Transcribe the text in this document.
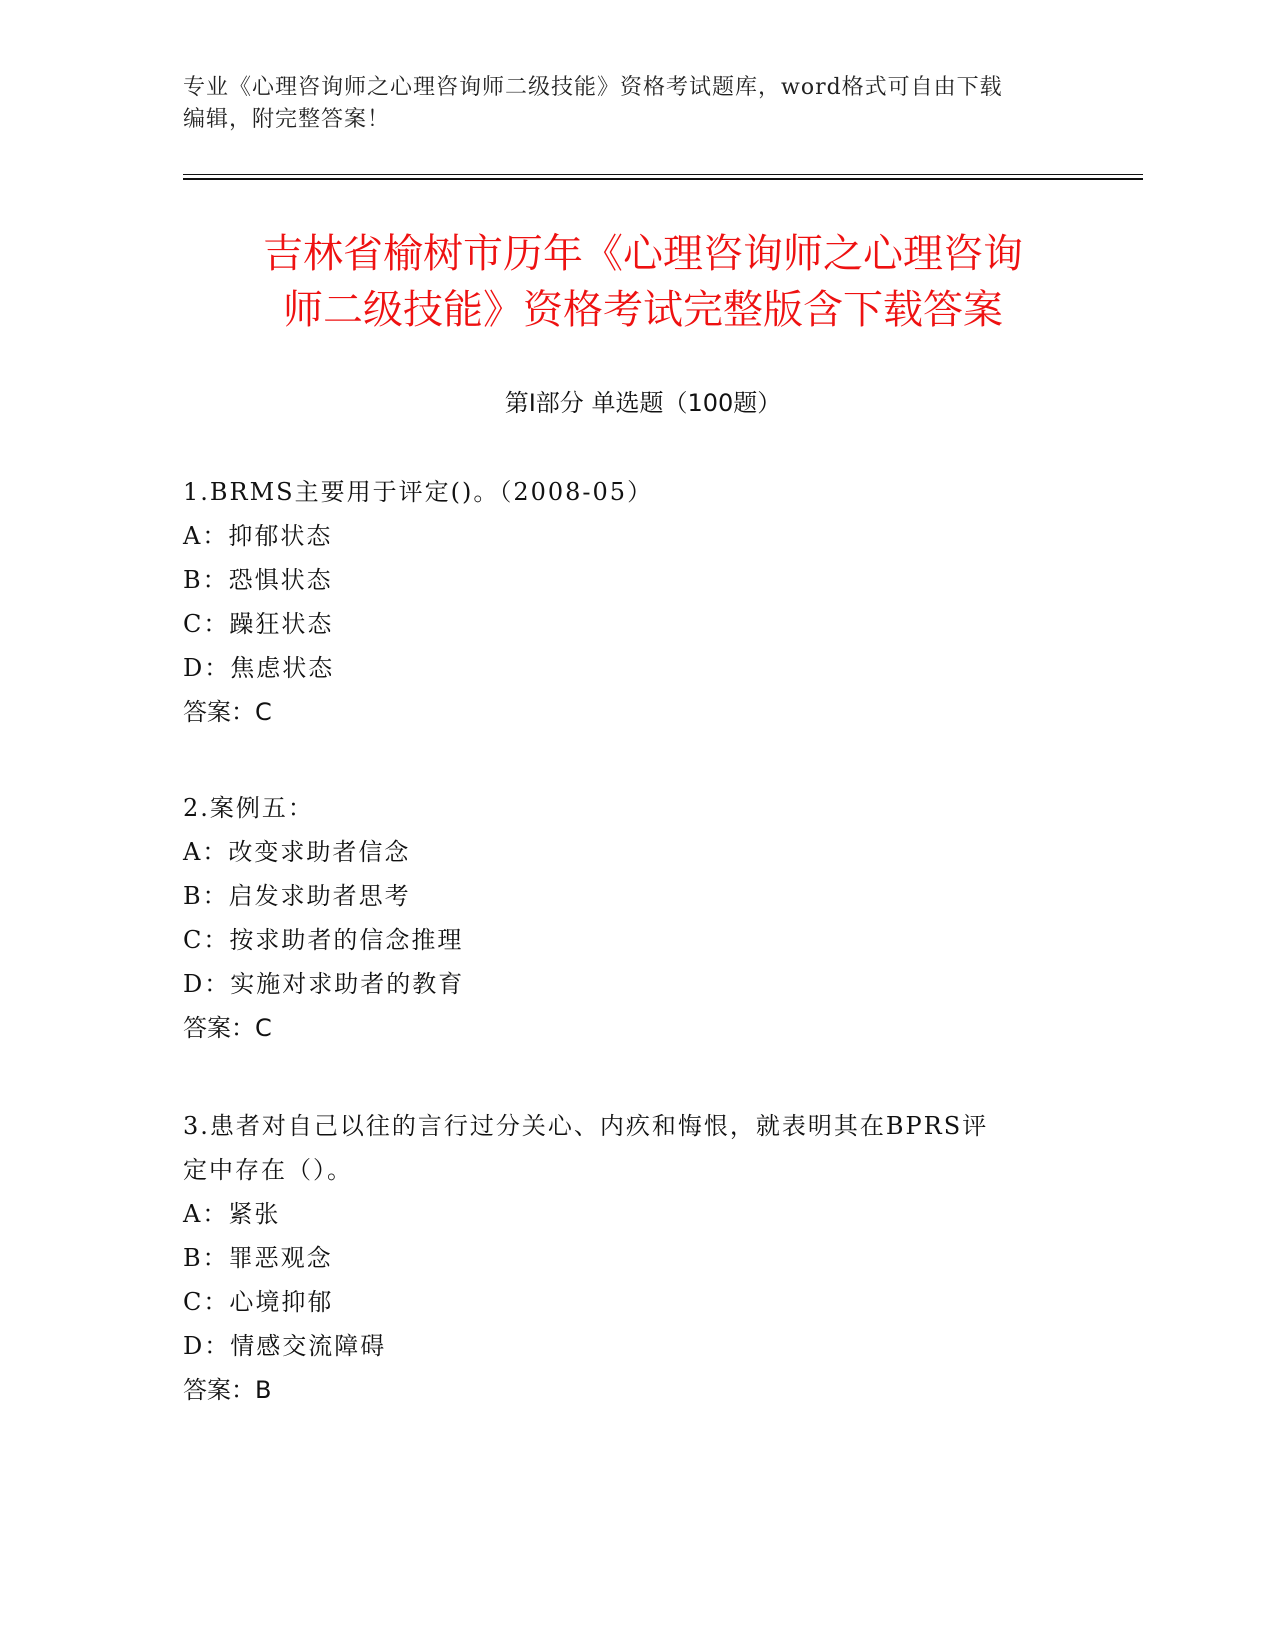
专业《心理咨询师之心理咨询师二级技能》资格考试题库，word格式可自由下载
编辑，附完整答案！
吉林省榆树市历年《心理咨询师之心理咨询
师二级技能》资格考试完整版含下载答案
第Ⅰ部分 单选题（100题）
1.BRMS主要用于评定()。（2008-05）
A：抑郁状态
B：恐惧状态
C：躁狂状态
D：焦虑状态
答案：C
2.案例五：
A：改变求助者信念
B：启发求助者思考
C：按求助者的信念推理
D：实施对求助者的教育
答案：C
3.患者对自己以往的言行过分关心、内疚和悔恨，就表明其在BPRS评
定中存在（）。
A：紧张
B：罪恶观念
C：心境抑郁
D：情感交流障碍
答案：B
